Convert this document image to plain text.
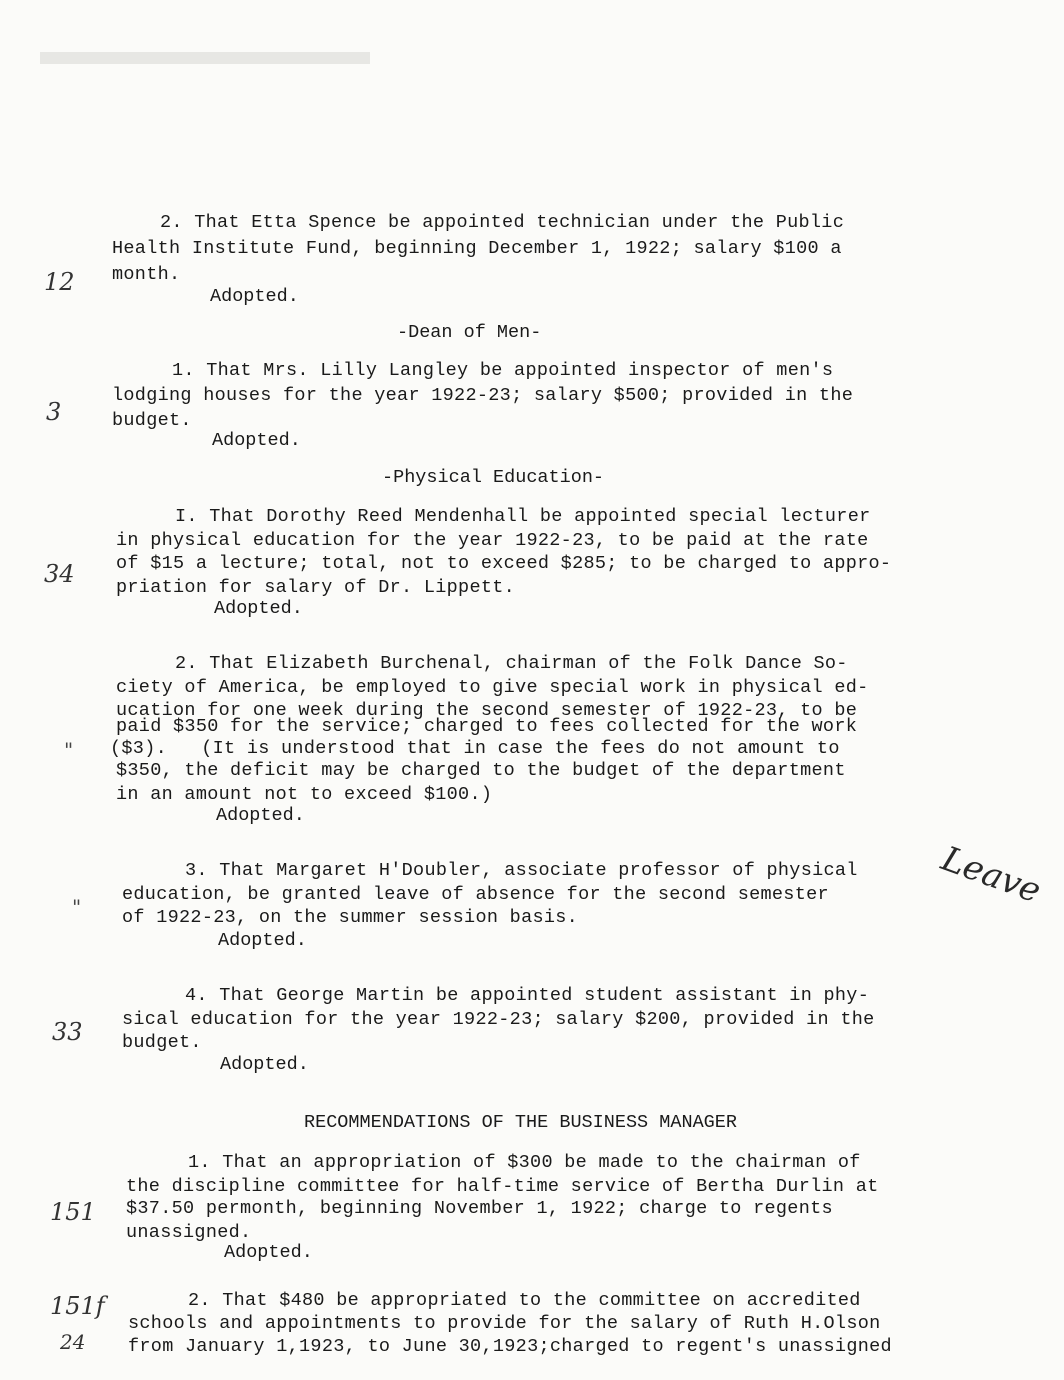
2. That Etta Spence be appointed technician under the Public
Health Institute Fund, beginning December 1, 1922; salary $100 a
month.
Adopted.
12
-Dean of Men-
1. That Mrs. Lilly Langley be appointed inspector of men's
lodging houses for the year 1922-23; salary $500; provided in the
budget.
Adopted.
3
-Physical Education-
I. That Dorothy Reed Mendenhall be appointed special lecturer
in physical education for the year 1922-23, to be paid at the rate
of $15 a lecture; total, not to exceed $285; to be charged to appro-
priation for salary of Dr. Lippett.
Adopted.
34
2. That Elizabeth Burchenal, chairman of the Folk Dance So-
ciety of America, be employed to give special work in physical ed-
ucation for one week during the second semester of 1922-23, to be
paid $350 for the service; charged to fees collected for the work
($3).   (It is understood that in case the fees do not amount to
$350, the deficit may be charged to the budget of the department
in an amount not to exceed $100.)
Adopted.
"
3. That Margaret H'Doubler, associate professor of physical
education, be granted leave of absence for the second semester
of 1922-23, on the summer session basis.
Adopted.
"	Leave
4. That George Martin be appointed student assistant in phy-
sical education for the year 1922-23; salary $200, provided in the
budget.
Adopted.
33
RECOMMENDATIONS OF THE BUSINESS MANAGER
1. That an appropriation of $300 be made to the chairman of
the discipline committee for half-time service of Bertha Durlin at
$37.50 permonth, beginning November 1, 1922; charge to regents
unassigned.
Adopted.
151
2. That $480 be appropriated to the committee on accredited
schools and appointments to provide for the salary of Ruth H.Olson
from January 1,1923, to June 30,1923;charged to regent's unassigned
151f
24
